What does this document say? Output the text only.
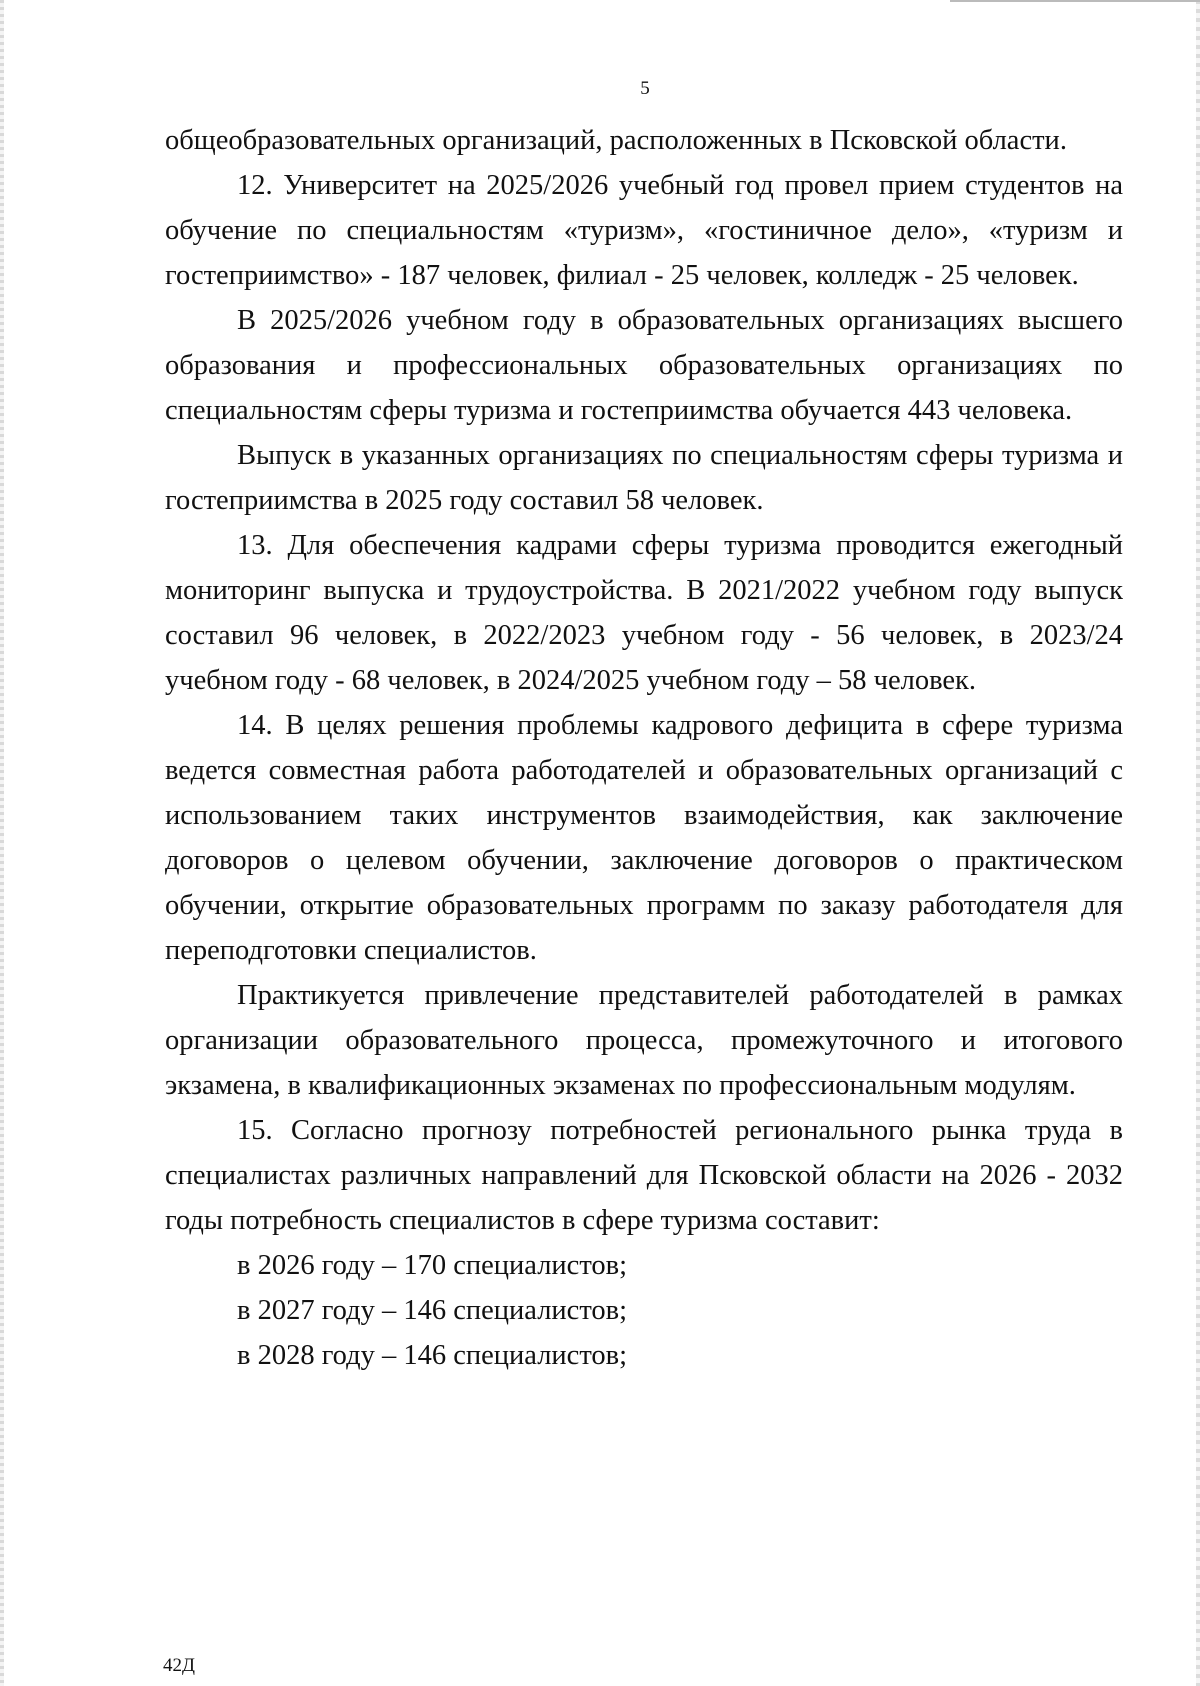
5

общеобразовательных организаций, расположенных в Псковской области.

12. Университет на 2025/2026 учебный год провел прием студентов на обучение по специальностям «туризм», «гостиничное дело», «туризм и гостеприимство» - 187 человек, филиал - 25 человек, колледж - 25 человек.

В 2025/2026 учебном году в образовательных организациях высшего образования и профессиональных образовательных организациях по специальностям сферы туризма и гостеприимства обучается 443 человека.

Выпуск в указанных организациях по специальностям сферы туризма и гостеприимства в 2025 году составил 58 человек.

13. Для обеспечения кадрами сферы туризма проводится ежегодный мониторинг выпуска и трудоустройства. В 2021/2022 учебном году выпуск составил 96 человек, в 2022/2023 учебном году - 56 человек, в 2023/24 учебном году - 68 человек, в 2024/2025 учебном году – 58 человек.

14. В целях решения проблемы кадрового дефицита в сфере туризма ведется совместная работа работодателей и образовательных организаций с использованием таких инструментов взаимодействия, как заключение договоров о целевом обучении, заключение договоров о практическом обучении, открытие образовательных программ по заказу работодателя для переподготовки специалистов.

Практикуется привлечение представителей работодателей в рамках организации образовательного процесса, промежуточного и итогового экзамена, в квалификационных экзаменах по профессиональным модулям.

15. Согласно прогнозу потребностей регионального рынка труда в специалистах различных направлений для Псковской области на 2026 - 2032 годы потребность специалистов в сфере туризма составит:

в 2026 году – 170 специалистов;

в 2027 году – 146 специалистов;

в 2028 году – 146 специалистов;

42Д
